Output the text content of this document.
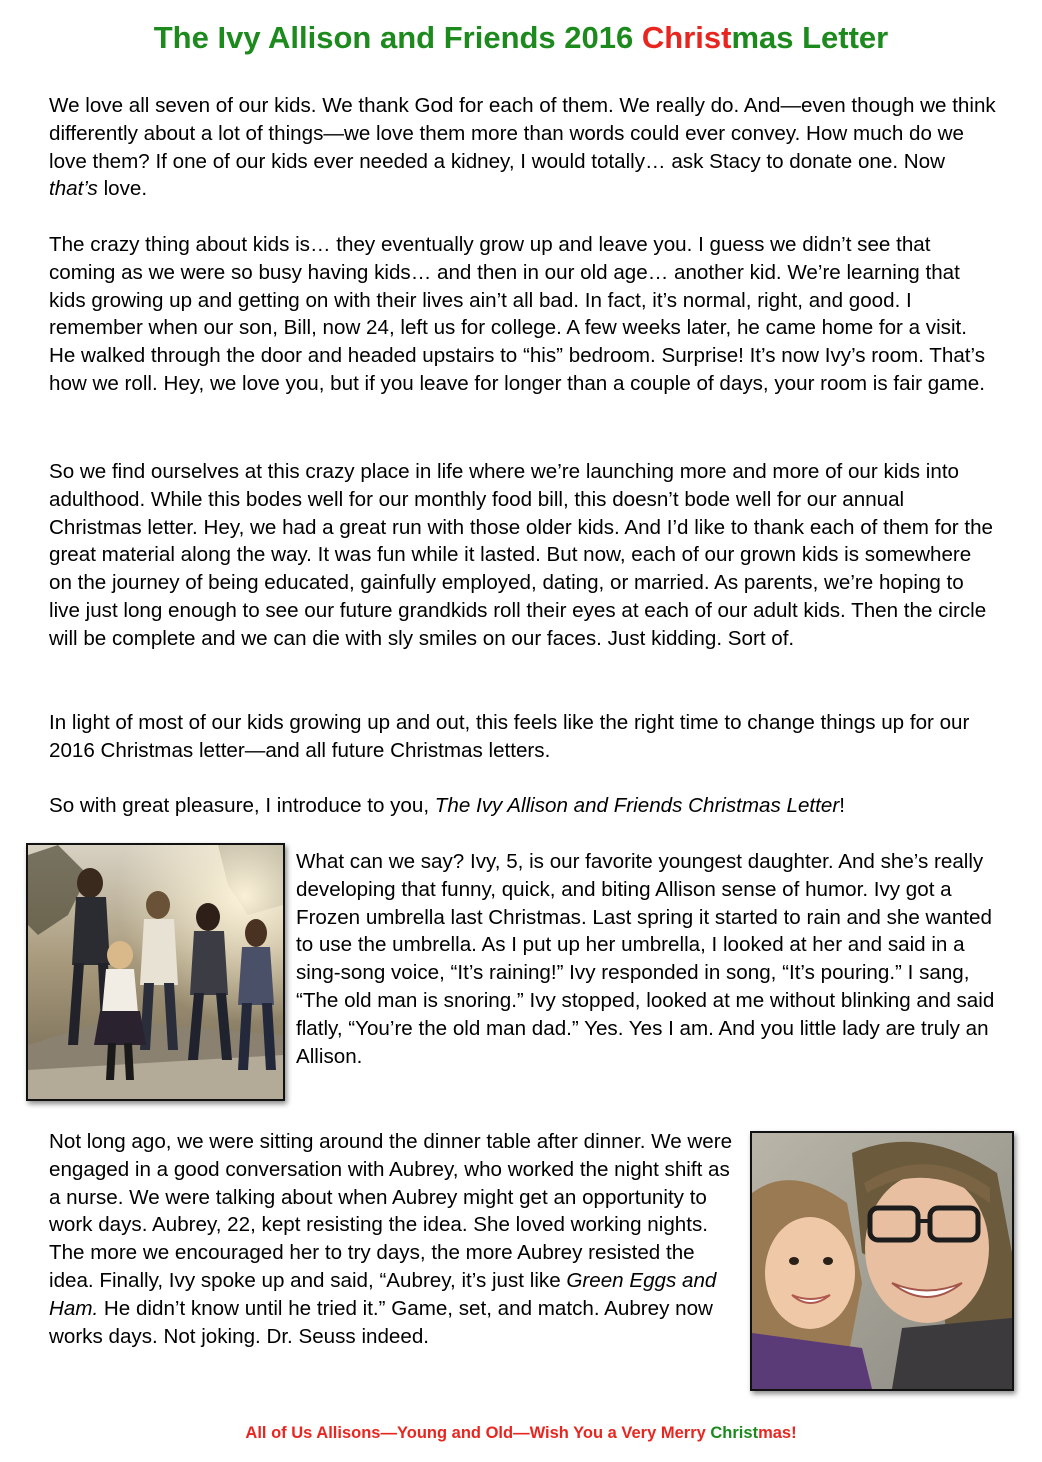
The Ivy Allison and Friends 2016 Christmas Letter

We love all seven of our kids. We thank God for each of them. We really do. And—even though we think differently about a lot of things—we love them more than words could ever convey. How much do we love them? If one of our kids ever needed a kidney, I would totally… ask Stacy to donate one. Now that’s love.

The crazy thing about kids is… they eventually grow up and leave you. I guess we didn’t see that coming as we were so busy having kids… and then in our old age… another kid. We’re learning that kids growing up and getting on with their lives ain’t all bad. In fact, it’s normal, right, and good. I remember when our son, Bill, now 24, left us for college. A few weeks later, he came home for a visit. He walked through the door and headed upstairs to “his” bedroom. Surprise! It’s now Ivy’s room. That’s how we roll. Hey, we love you, but if you leave for longer than a couple of days, your room is fair game.

So we find ourselves at this crazy place in life where we’re launching more and more of our kids into adulthood. While this bodes well for our monthly food bill, this doesn’t bode well for our annual Christmas letter. Hey, we had a great run with those older kids. And I’d like to thank each of them for the great material along the way. It was fun while it lasted. But now, each of our grown kids is somewhere on the journey of being educated, gainfully employed, dating, or married. As parents, we’re hoping to live just long enough to see our future grandkids roll their eyes at each of our adult kids. Then the circle will be complete and we can die with sly smiles on our faces. Just kidding. Sort of.

In light of most of our kids growing up and out, this feels like the right time to change things up for our 2016 Christmas letter—and all future Christmas letters.

So with great pleasure, I introduce to you, The Ivy Allison and Friends Christmas Letter!

What can we say? Ivy, 5, is our favorite youngest daughter. And she’s really developing that funny, quick, and biting Allison sense of humor. Ivy got a Frozen umbrella last Christmas. Last spring it started to rain and she wanted to use the umbrella. As I put up her umbrella, I looked at her and said in a sing-song voice, “It’s raining!” Ivy responded in song, “It’s pouring.” I sang, “The old man is snoring.” Ivy stopped, looked at me without blinking and said flatly, “You’re the old man dad.” Yes. Yes I am. And you little lady are truly an Allison.

Not long ago, we were sitting around the dinner table after dinner. We were engaged in a good conversation with Aubrey, who worked the night shift as a nurse. We were talking about when Aubrey might get an opportunity to work days. Aubrey, 22, kept resisting the idea. She loved working nights. The more we encouraged her to try days, the more Aubrey resisted the idea. Finally, Ivy spoke up and said, “Aubrey, it’s just like Green Eggs and Ham. He didn’t know until he tried it.” Game, set, and match. Aubrey now works days. Not joking. Dr. Seuss indeed.

All of Us Allisons—Young and Old—Wish You a Very Merry Christmas!
